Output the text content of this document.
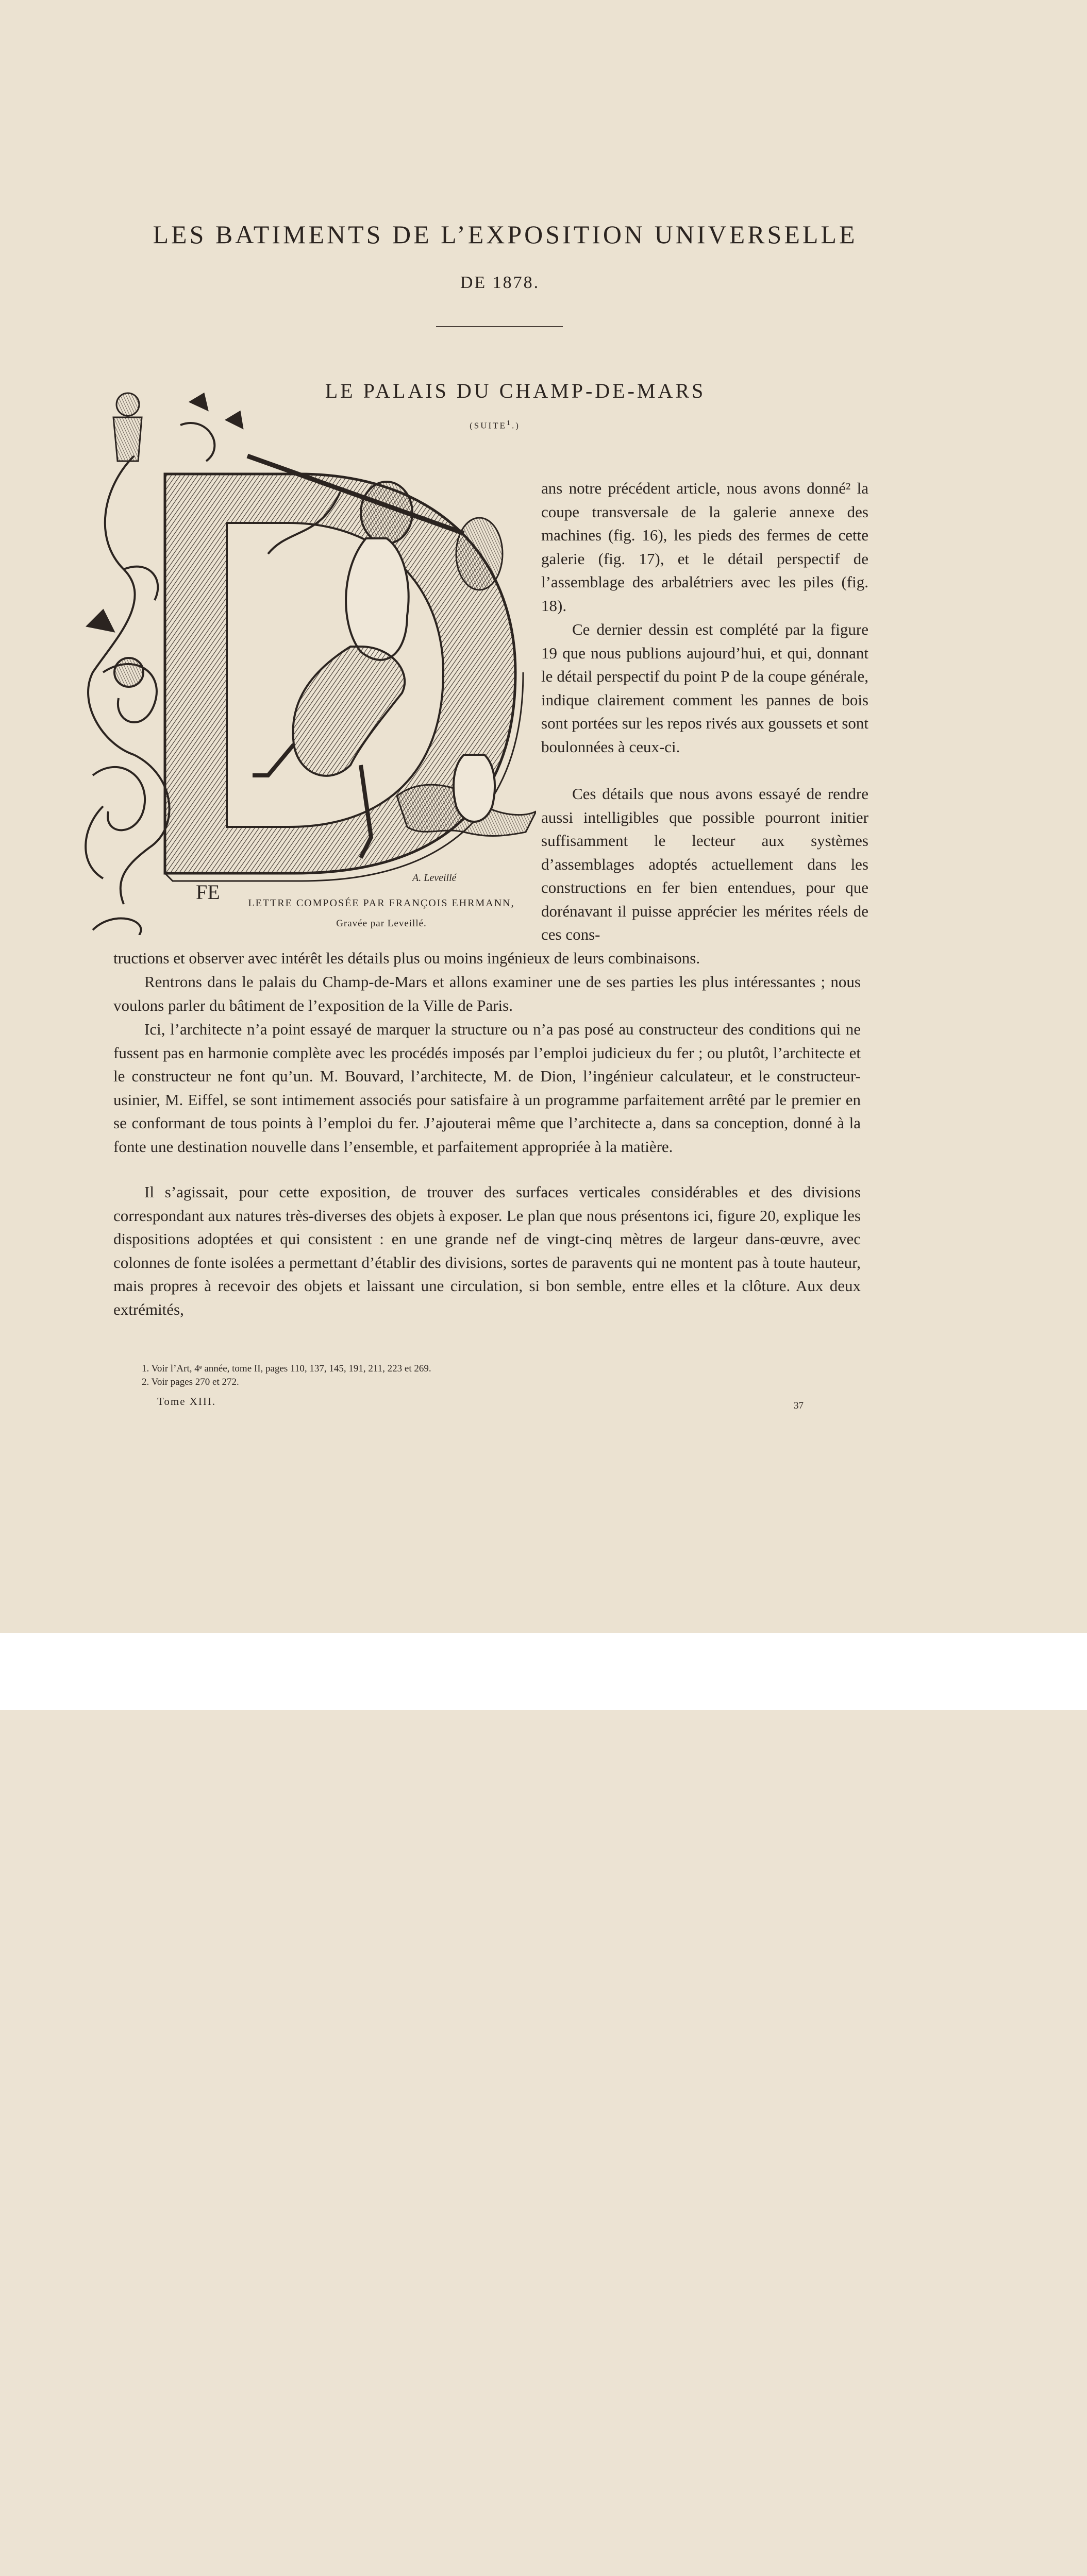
LES BATIMENTS DE L’EXPOSITION UNIVERSELLE
DE 1878.
LE PALAIS DU CHAMP-DE-MARS
(SUITE$^1$.)
FE
A. Leveillé
LETTRE COMPOSÉE PAR FRANÇOIS EHRMANN,
Gravée par Leveillé.
ans notre précédent article, nous avons donné² la coupe transversale de la galerie annexe des machines (fig. 16), les pieds des fermes de cette galerie (fig. 17), et le détail perspectif de l’assemblage des arbalétriers avec les piles (fig. 18).
Ce dernier dessin est complété par la figure 19 que nous publions aujourd’hui, et qui, donnant le détail perspectif du point P de la coupe générale, indique clairement comment les pannes de bois sont portées sur les repos rivés aux goussets et sont boulonnées à ceux-ci.
Ces détails que nous avons essayé de rendre aussi intelligibles que possible pourront initier suffisamment le lecteur aux systèmes d’assemblages adoptés actuellement dans les constructions en fer bien entendues, pour que dorénavant il puisse apprécier les mérites réels de ces cons-
tructions et observer avec intérêt les détails plus ou moins ingénieux de leurs combinaisons.
Rentrons dans le palais du Champ-de-Mars et allons examiner une de ses parties les plus intéressantes ; nous voulons parler du bâtiment de l’exposition de la Ville de Paris.
Ici, l’architecte n’a point essayé de marquer la structure ou n’a pas posé au constructeur des conditions qui ne fussent pas en harmonie complète avec les procédés imposés par l’emploi judicieux du fer ; ou plutôt, l’architecte et le constructeur ne font qu’un. M. Bouvard, l’architecte, M. de Dion, l’ingénieur calculateur, et le constructeur-usinier, M. Eiffel, se sont intimement associés pour satisfaire à un programme parfaitement arrêté par le premier en se conformant de tous points à l’emploi du fer. J’ajouterai même que l’architecte a, dans sa conception, donné à la fonte une destination nouvelle dans l’ensemble, et parfaitement appropriée à la matière.
Il s’agissait, pour cette exposition, de trouver des surfaces verticales considérables et des divisions correspondant aux natures très-diverses des objets à exposer. Le plan que nous présentons ici, figure 20, explique les dispositions adoptées et qui consistent : en une grande nef de vingt-cinq mètres de largeur dans-œuvre, avec colonnes de fonte isolées a permettant d’établir des divisions, sortes de paravents qui ne montent pas à toute hauteur, mais propres à recevoir des objets et laissant une circulation, si bon semble, entre elles et la clôture. Aux deux extrémités,
1. Voir l’Art, 4ᵉ année, tome II, pages 110, 137, 145, 191, 211, 223 et 269.
2. Voir pages 270 et 272.
Tome XIII.	37
